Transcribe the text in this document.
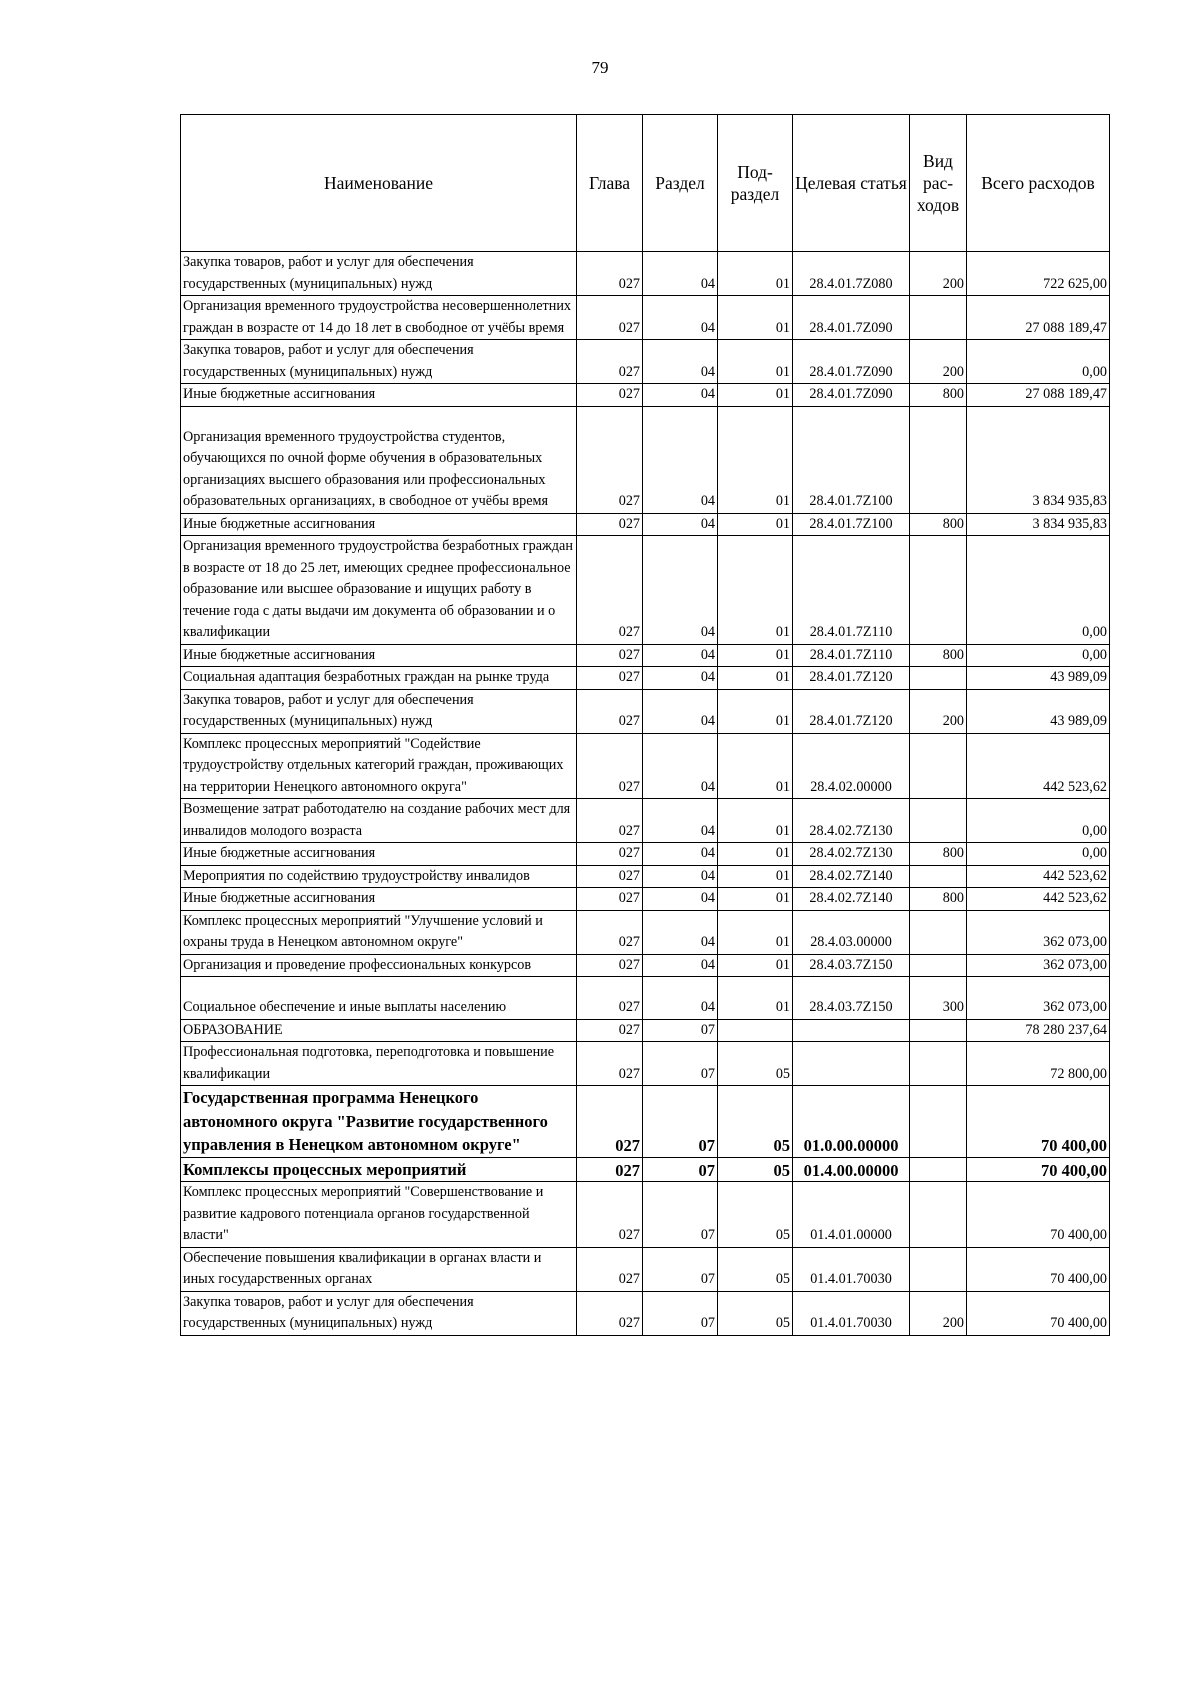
79
Наименование	Глава	Раздел	Под-раздел	Целевая статья	Вид рас-ходов	Всего расходов
Закупка товаров, работ и услуг для обеспечения государственных (муниципальных) нужд	027	04	01	28.4.01.7Z080	200	722 625,00
Организация временного трудоустройства несовершеннолетних граждан в возрасте от 14 до 18 лет в свободное от учёбы время	027	04	01	28.4.01.7Z090		27 088 189,47
Закупка товаров, работ и услуг для обеспечения государственных (муниципальных) нужд	027	04	01	28.4.01.7Z090	200	0,00
Иные бюджетные ассигнования	027	04	01	28.4.01.7Z090	800	27 088 189,47
Организация временного трудоустройства студентов, обучающихся по очной форме обучения в образовательных организациях высшего образования или профессиональных образовательных организациях, в свободное от учёбы время	027	04	01	28.4.01.7Z100		3 834 935,83
Иные бюджетные ассигнования	027	04	01	28.4.01.7Z100	800	3 834 935,83
Организация временного трудоустройства безработных граждан в возрасте от 18 до 25 лет, имеющих среднее профессиональное образование или высшее образование и ищущих работу в течение года с даты выдачи им документа об образовании и о квалификации	027	04	01	28.4.01.7Z110		0,00
Иные бюджетные ассигнования	027	04	01	28.4.01.7Z110	800	0,00
Социальная адаптация безработных граждан на рынке труда	027	04	01	28.4.01.7Z120		43 989,09
Закупка товаров, работ и услуг для обеспечения государственных (муниципальных) нужд	027	04	01	28.4.01.7Z120	200	43 989,09
Комплекс процессных мероприятий "Содействие трудоустройству отдельных категорий граждан, проживающих на территории Ненецкого автономного округа"	027	04	01	28.4.02.00000		442 523,62
Возмещение затрат работодателю на создание рабочих мест для инвалидов молодого возраста	027	04	01	28.4.02.7Z130		0,00
Иные бюджетные ассигнования	027	04	01	28.4.02.7Z130	800	0,00
Мероприятия по содействию трудоустройству инвалидов	027	04	01	28.4.02.7Z140		442 523,62
Иные бюджетные ассигнования	027	04	01	28.4.02.7Z140	800	442 523,62
Комплекс процессных мероприятий "Улучшение условий и охраны труда в Ненецком автономном округе"	027	04	01	28.4.03.00000		362 073,00
Организация и проведение профессиональных конкурсов	027	04	01	28.4.03.7Z150		362 073,00
Социальное обеспечение и иные выплаты населению	027	04	01	28.4.03.7Z150	300	362 073,00
ОБРАЗОВАНИЕ	027	07				78 280 237,64
Профессиональная подготовка, переподготовка и повышение квалификации	027	07	05			72 800,00
Государственная программа Ненецкого автономного округа "Развитие государственного управления в Ненецком автономном округе"	027	07	05	01.0.00.00000		70 400,00
Комплексы процессных мероприятий	027	07	05	01.4.00.00000		70 400,00
Комплекс процессных мероприятий "Совершенствование и развитие кадрового потенциала органов государственной власти"	027	07	05	01.4.01.00000		70 400,00
Обеспечение повышения квалификации в органах власти и иных государственных органах	027	07	05	01.4.01.70030		70 400,00
Закупка товаров, работ и услуг для обеспечения государственных (муниципальных) нужд	027	07	05	01.4.01.70030	200	70 400,00
